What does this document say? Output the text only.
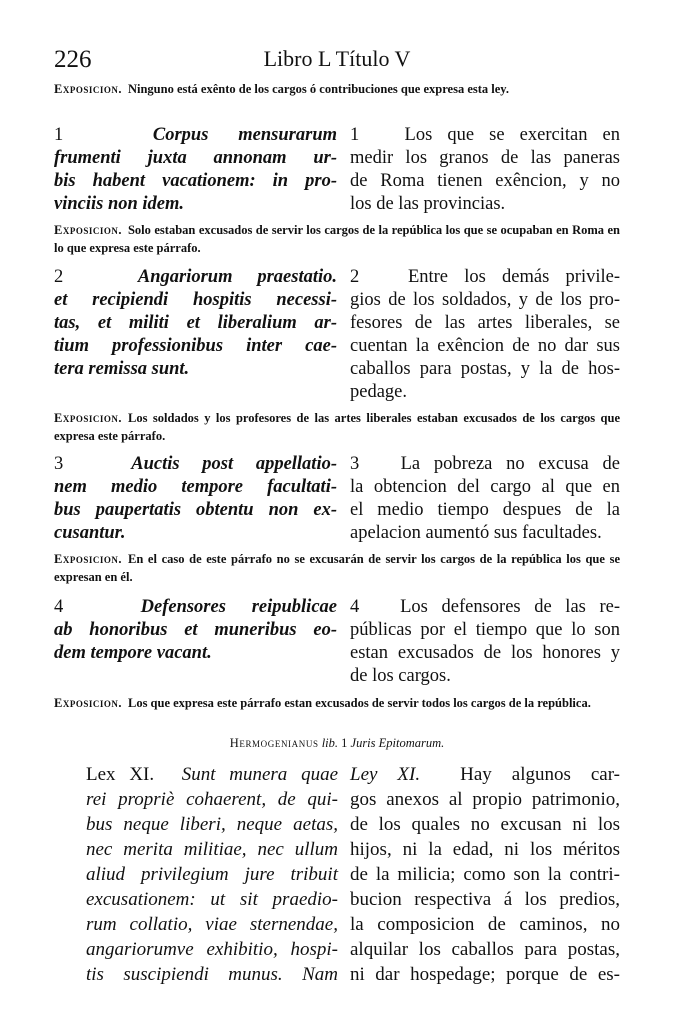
226	Libro L Título V
Exposicion. Ninguno está exênto de los cargos ó contribuciones que expresa esta ley.
1	Corpus mensurarum
frumenti juxta annonam ur-
bis habent vacationem: in pro-
vinciis non idem.
1 Los que se exercitan en
medir los granos de las paneras
de Roma tienen exêncion, y no
los de las provincias.
Exposicion. Solo estaban excusados de servir los cargos de la república los que se ocupaban en Roma en lo que expresa este párrafo.
2	Angariorum praestatio.
et recipiendi hospitis necessi-
tas, et militi et liberalium ar-
tium professionibus inter cae-
tera remissa sunt.
2	Entre los demás privile-
gios de los soldados, y de los pro-
fesores de las artes liberales, se
cuentan la exêncion de no dar sus
caballos para postas, y la de hos-
pedage.
Exposicion. Los soldados y los profesores de las artes liberales estaban excusados de los cargos que expresa este párrafo.
3	Auctis post appellatio-
nem medio tempore facultati-
bus paupertatis obtentu non ex-
cusantur.
3 La pobreza no excusa de
la obtencion del cargo al que en
el medio tiempo despues de la
apelacion aumentó sus facultades.
Exposicion. En el caso de este párrafo no se excusarán de servir los cargos de la república los que se expresan en él.
4	Defensores reipublicae
ab honoribus et muneribus eo-
dem tempore vacant.
4 Los defensores de las re-
públicas por el tiempo que lo son
estan excusados de los honores y
de los cargos.
Exposicion. Los que expresa este párrafo estan excusados de servir todos los cargos de la república.
Hermogenianus lib. 1 Juris Epitomarum.
Lex XI. Sunt munera quae
rei propriè cohaerent, de qui-
bus neque liberi, neque aetas,
nec merita militiae, nec ullum
aliud privilegium jure tribuit
excusationem: ut sit praedio-
rum collatio, viae sternendae,
angariorumve exhibitio, hospi-
tis suscipiendi munus. Nam
Ley XI. Hay algunos car-
gos anexos al propio patrimonio,
de los quales no excusan ni los
hijos, ni la edad, ni los méritos
de la milicia; como son la contri-
bucion respectiva á los predios,
la composicion de caminos, no
alquilar los caballos para postas,
ni dar hospedage; porque de es-
